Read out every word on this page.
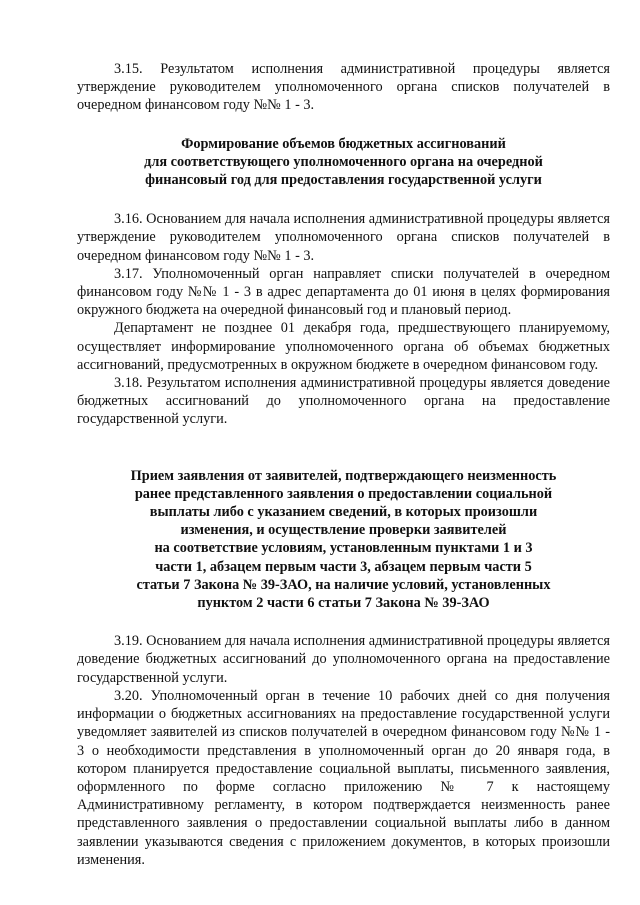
3.15. Результатом исполнения административной процедуры является утверждение руководителем уполномоченного органа списков получателей в очередном финансовом году №№ 1 - 3.

Формирование объемов бюджетных ассигнований
для соответствующего уполномоченного органа на очередной
финансовый год для предоставления государственной услуги

3.16. Основанием для начала исполнения административной процедуры является утверждение руководителем уполномоченного органа списков получателей в очередном финансовом году №№ 1 - 3.

3.17. Уполномоченный орган направляет списки получателей в очередном финансовом году №№ 1 - 3 в адрес департамента до 01 июня в целях формирования окружного бюджета на очередной финансовый год и плановый период.

Департамент не позднее 01 декабря года, предшествующего планируемому, осуществляет информирование уполномоченного органа об объемах бюджетных ассигнований, предусмотренных в окружном бюджете в очередном финансовом году.

3.18. Результатом исполнения административной процедуры является доведение бюджетных ассигнований до уполномоченного органа на предоставление государственной услуги.

Прием заявления от заявителей, подтверждающего неизменность
ранее представленного заявления о предоставлении социальной
выплаты либо с указанием сведений, в которых произошли
изменения, и осуществление проверки заявителей
на соответствие условиям, установленным пунктами 1 и 3
части 1, абзацем первым части 3, абзацем первым части 5
статьи 7 Закона № 39-ЗАО, на наличие условий, установленных
пунктом 2 части 6 статьи 7 Закона № 39-ЗАО

3.19. Основанием для начала исполнения административной процедуры является доведение бюджетных ассигнований до уполномоченного органа на предоставление государственной услуги.

3.20. Уполномоченный орган в течение 10 рабочих дней со дня получения информации о бюджетных ассигнованиях на предоставление государственной услуги уведомляет заявителей из списков получателей в очередном финансовом году №№ 1 - 3 о необходимости представления в уполномоченный орган до 20 января года, в котором планируется предоставление социальной выплаты, письменного заявления, оформленного по форме согласно приложению № 7 к настоящему Административному регламенту, в котором подтверждается неизменность ранее представленного заявления о предоставлении социальной выплаты либо в данном заявлении указываются сведения с приложением документов, в которых произошли изменения.
